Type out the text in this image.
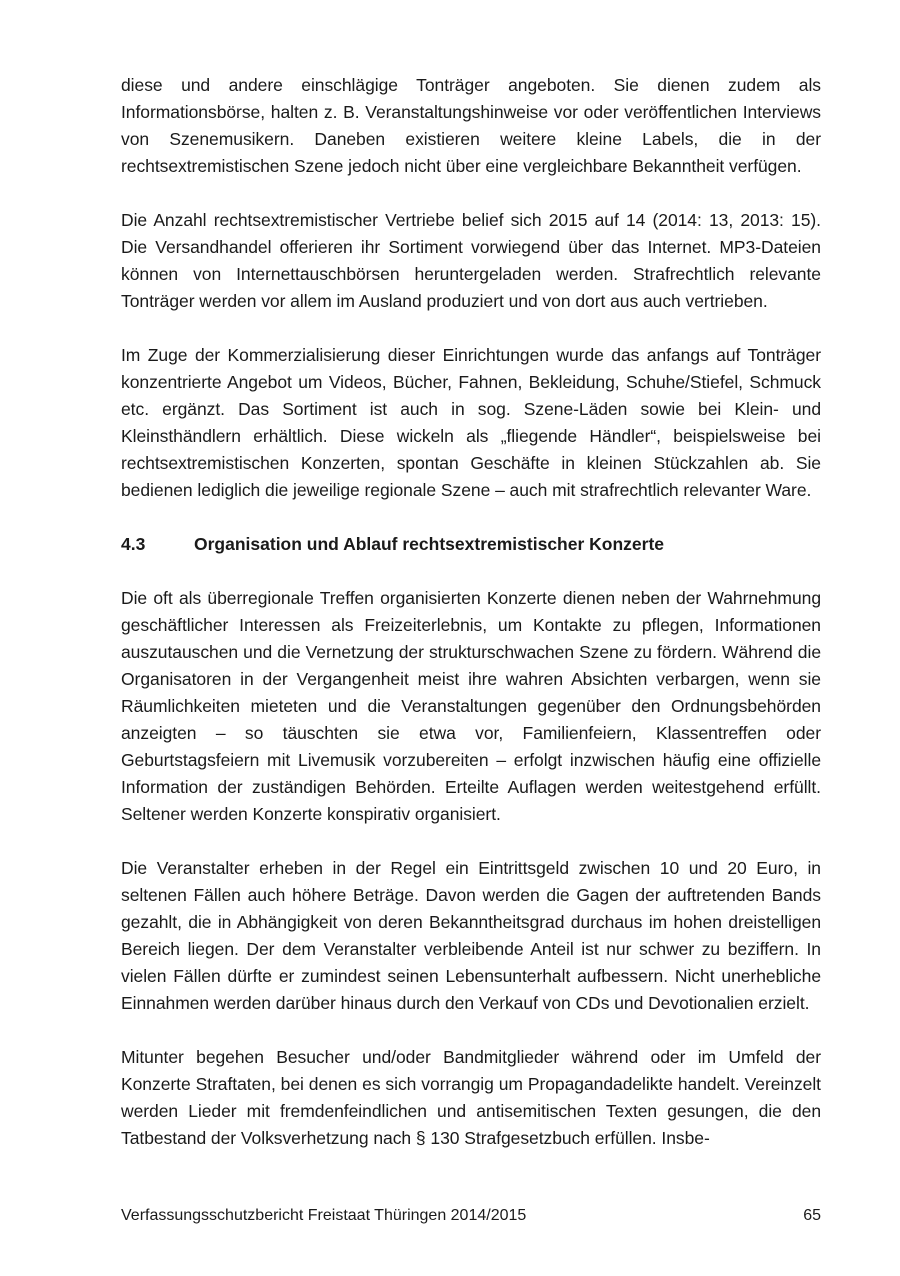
diese und andere einschlägige Tonträger angeboten. Sie dienen zudem als Informationsbörse, halten z. B. Veranstaltungshinweise vor oder veröffentlichen Interviews von Szenemusikern. Daneben existieren weitere kleine Labels, die in der rechtsextremistischen Szene jedoch nicht über eine vergleichbare Bekanntheit verfügen.

Die Anzahl rechtsextremistischer Vertriebe belief sich 2015 auf 14 (2014: 13, 2013: 15). Die Versandhandel offerieren ihr Sortiment vorwiegend über das Internet. MP3-Dateien können von Internettauschbörsen heruntergeladen werden. Strafrechtlich relevante Tonträger werden vor allem im Ausland produziert und von dort aus auch vertrieben.

Im Zuge der Kommerzialisierung dieser Einrichtungen wurde das anfangs auf Tonträger konzentrierte Angebot um Videos, Bücher, Fahnen, Bekleidung, Schuhe/Stiefel, Schmuck etc. ergänzt. Das Sortiment ist auch in sog. Szene-Läden sowie bei Klein- und Kleinsthändlern erhältlich. Diese wickeln als „fliegende Händler“, beispielsweise bei rechtsextremistischen Konzerten, spontan Geschäfte in kleinen Stückzahlen ab. Sie bedienen lediglich die jeweilige regionale Szene – auch mit strafrechtlich relevanter Ware.

4.3	Organisation und Ablauf rechtsextremistischer Konzerte

Die oft als überregionale Treffen organisierten Konzerte dienen neben der Wahrnehmung geschäftlicher Interessen als Freizeiterlebnis, um Kontakte zu pflegen, Informationen auszutauschen und die Vernetzung der strukturschwachen Szene zu fördern. Während die Organisatoren in der Vergangenheit meist ihre wahren Absichten verbargen, wenn sie Räumlichkeiten mieteten und die Veranstaltungen gegenüber den Ordnungsbehörden anzeigten – so täuschten sie etwa vor, Familienfeiern, Klassentreffen oder Geburtstagsfeiern mit Livemusik vorzubereiten – erfolgt inzwischen häufig eine offizielle Information der zuständigen Behörden. Erteilte Auflagen werden weitestgehend erfüllt. Seltener werden Konzerte konspirativ organisiert.

Die Veranstalter erheben in der Regel ein Eintrittsgeld zwischen 10 und 20 Euro, in seltenen Fällen auch höhere Beträge. Davon werden die Gagen der auftretenden Bands gezahlt, die in Abhängigkeit von deren Bekanntheitsgrad durchaus im hohen dreistelligen Bereich liegen. Der dem Veranstalter verbleibende Anteil ist nur schwer zu beziffern. In vielen Fällen dürfte er zumindest seinen Lebensunterhalt aufbessern. Nicht unerhebliche Einnahmen werden darüber hinaus durch den Verkauf von CDs und Devotionalien erzielt.

Mitunter begehen Besucher und/oder Bandmitglieder während oder im Umfeld der Konzerte Straftaten, bei denen es sich vorrangig um Propagandadelikte handelt. Vereinzelt werden Lieder mit fremdenfeindlichen und antisemitischen Texten gesungen, die den Tatbestand der Volksverhetzung nach § 130 Strafgesetzbuch erfüllen. Insbe-

Verfassungsschutzbericht Freistaat Thüringen 2014/2015	65
